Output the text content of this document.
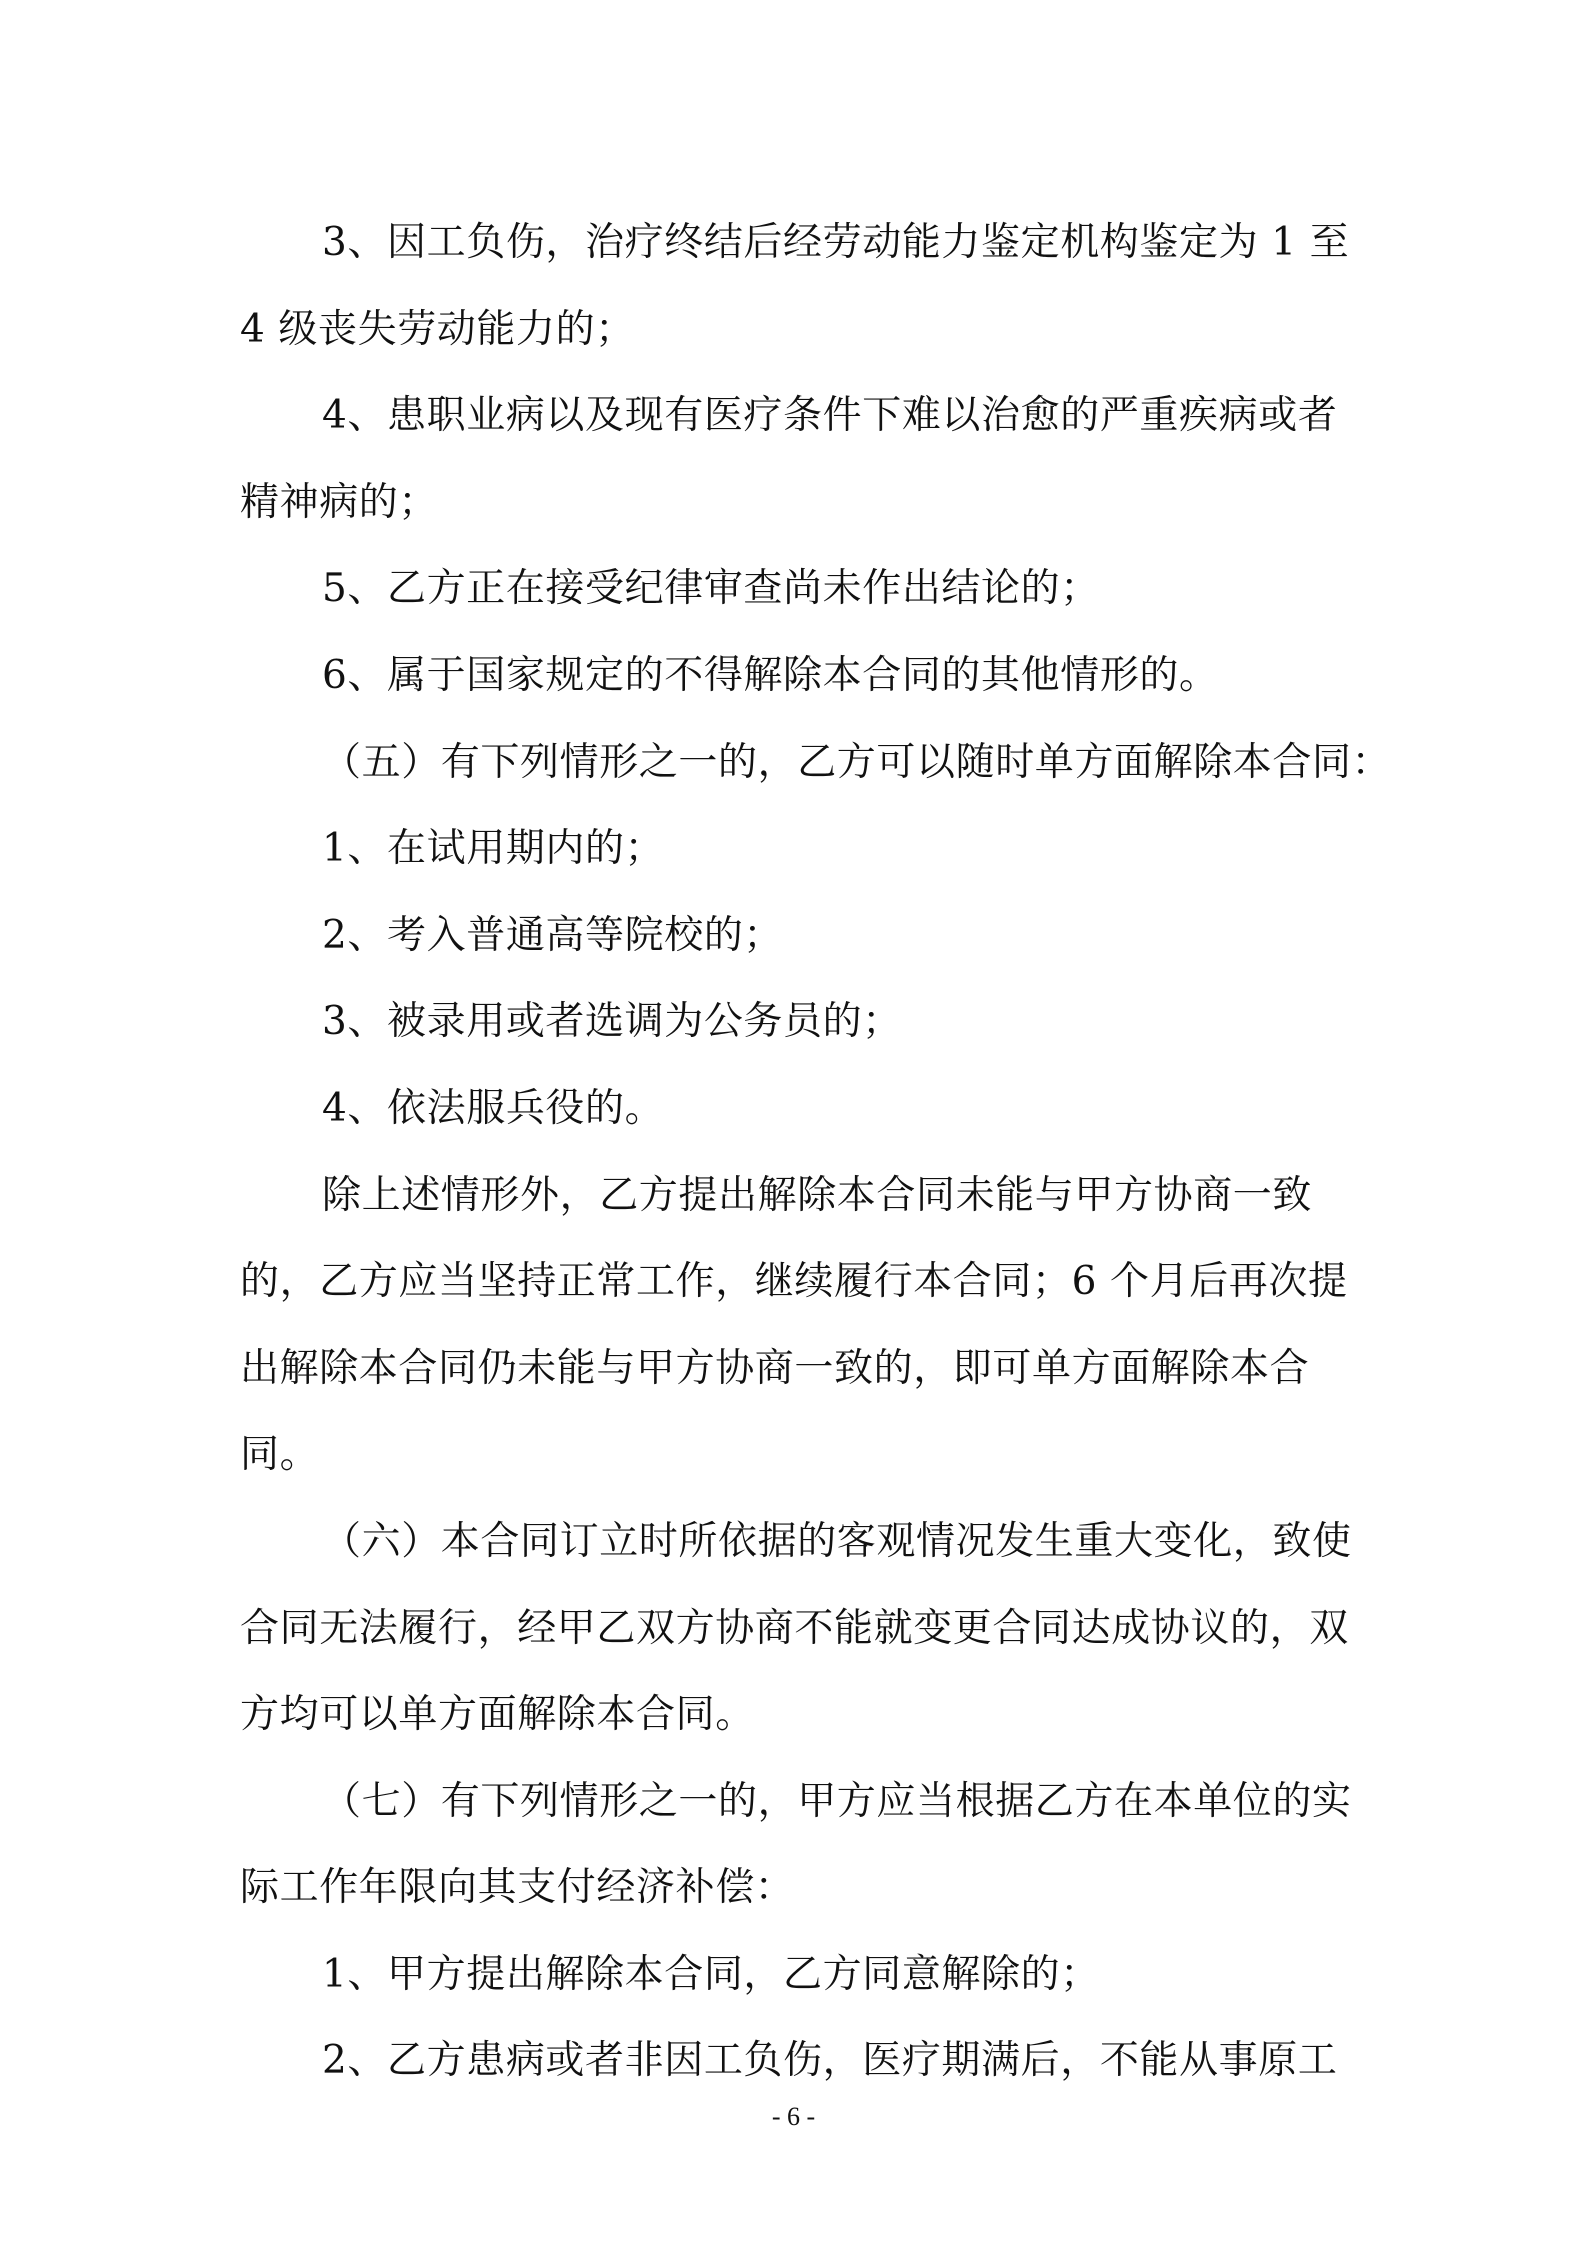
3、因工负伤，治疗终结后经劳动能力鉴定机构鉴定为 1 至

4 级丧失劳动能力的；

4、患职业病以及现有医疗条件下难以治愈的严重疾病或者

精神病的；

5、乙方正在接受纪律审查尚未作出结论的；

6、属于国家规定的不得解除本合同的其他情形的。

（五）有下列情形之一的，乙方可以随时单方面解除本合同：

1、在试用期内的；

2、考入普通高等院校的；

3、被录用或者选调为公务员的；

4、依法服兵役的。

除上述情形外，乙方提出解除本合同未能与甲方协商一致

的，乙方应当坚持正常工作，继续履行本合同；6 个月后再次提

出解除本合同仍未能与甲方协商一致的，即可单方面解除本合

同。

（六）本合同订立时所依据的客观情况发生重大变化，致使

合同无法履行，经甲乙双方协商不能就变更合同达成协议的，双

方均可以单方面解除本合同。

（七）有下列情形之一的，甲方应当根据乙方在本单位的实

际工作年限向其支付经济补偿：

1、甲方提出解除本合同，乙方同意解除的；

2、乙方患病或者非因工负伤，医疗期满后，不能从事原工

- 6 -
